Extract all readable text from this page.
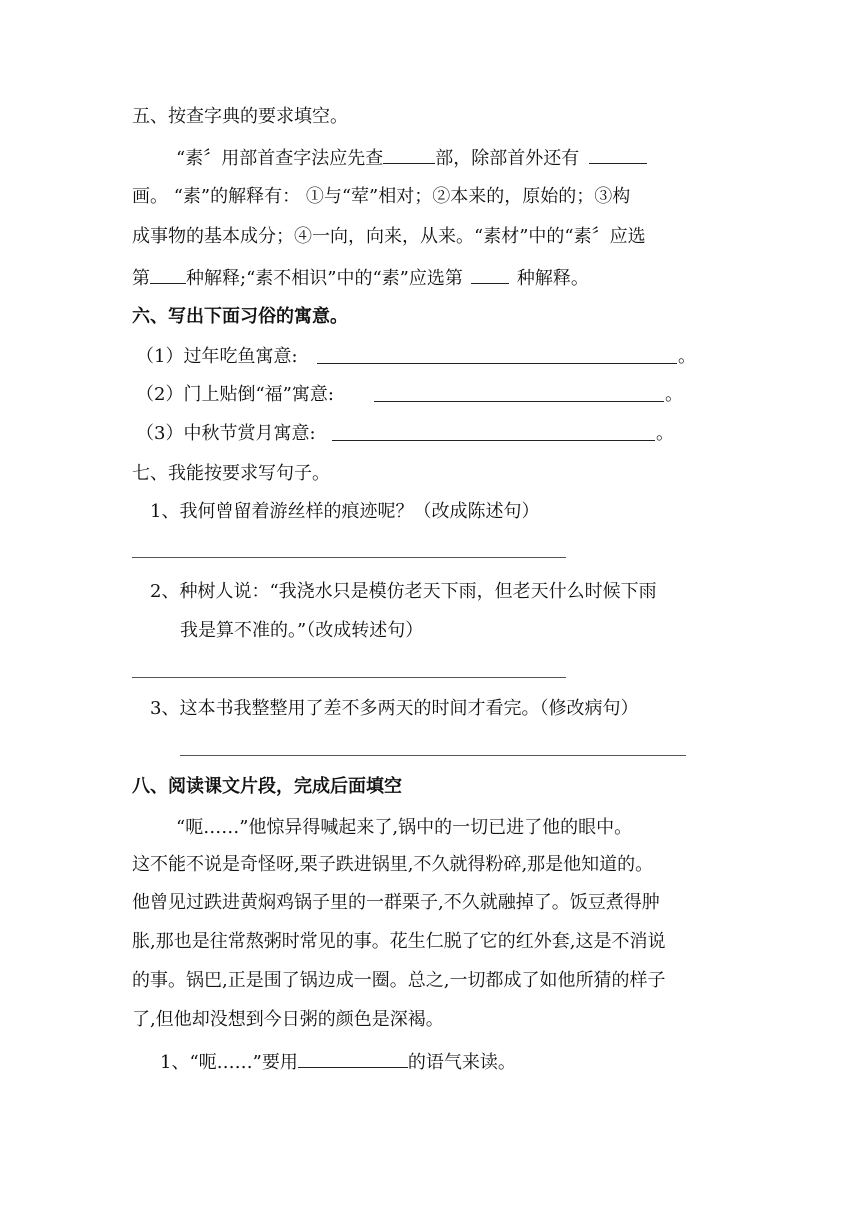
五、按查字典的要求填空。
“素〞用部首查字法应先查	部，除部首外还有
画。 “素”的解释有： ①与“荤”相对；②本来的，原始的；③构
成事物的基本成分；④一向，向来，从来。“素材”中的“素〞应选
第 种解释;“素不相识”中的“素”应选第	种解释。
六、写出下面习俗的寓意。
（1）过年吃鱼寓意:	。
（2）门上贴倒“福”寓意:	。
（3）中秋节赏月寓意:	。
七、我能按要求写句子。
1、我何曾留着游丝样的痕迹呢？（改成陈述句）
2、种树人说：“我浇水只是模仿老天下雨，但老天什么时候下雨
我是算不准的。”（改成转述句）
3、这本书我整整用了差不多两天的时间才看完。（修改病句）
八、阅读课文片段，完成后面填空
“呃……”他惊异得喊起来了,锅中的一切已进了他的眼中。
这不能不说是奇怪呀,栗子跌进锅里,不久就得粉碎,那是他知道的。
他曾见过跌进黄焖鸡锅子里的一群栗子,不久就融掉了。饭豆煮得肿
胀,那也是往常熬粥时常见的事。花生仁脱了它的红外套,这是不消说
的事。锅巴,正是围了锅边成一圈。总之,一切都成了如他所猜的样子
了,但他却没想到今日粥的颜色是深褐。
1、“呃……”要用	的语气来读。
